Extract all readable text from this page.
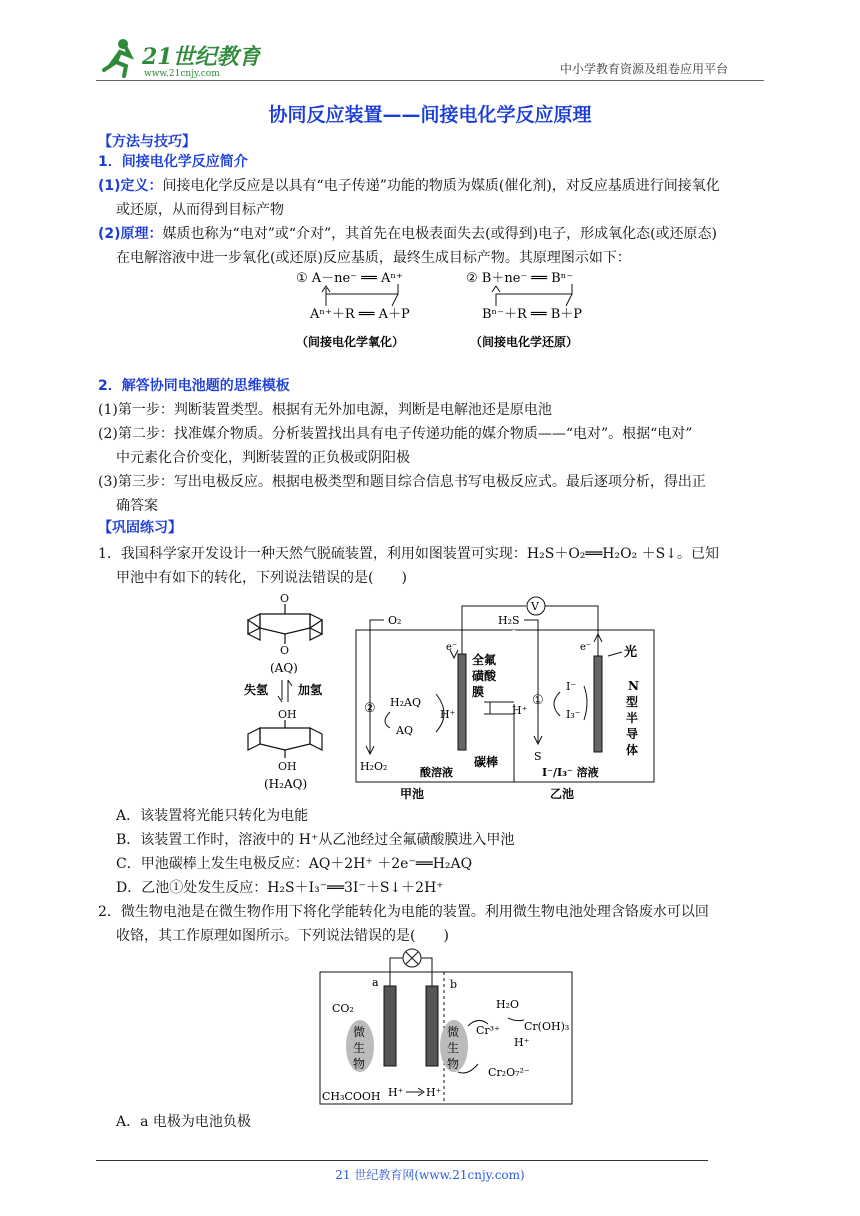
21世纪教育
www.21cnjy.com	中小学教育资源及组卷应用平台
协同反应装置——间接电化学反应原理
【方法与技巧】
1．间接电化学反应简介
(1)定义：间接电化学反应是以具有“电子传递”功能的物质为媒质(催化剂)，对反应基质进行间接氧化
或还原，从而得到目标产物
(2)原理：媒质也称为“电对”或“介对”，其首先在电极表面失去(或得到)电子，形成氧化态(或还原态)
在电解溶液中进一步氧化(或还原)反应基质，最终生成目标产物。其原理图示如下：
① A－ne⁻ ══ Aⁿ⁺
Aⁿ⁺＋R ══ A＋P
（间接电化学氧化）
② B＋ne⁻ ══ Bⁿ⁻
Bⁿ⁻＋R ══ B＋P
（间接电化学还原）
2．解答协同电池题的思维模板
(1)第一步：判断装置类型。根据有无外加电源，判断是电解池还是原电池
(2)第二步：找准媒介物质。分析装置找出具有电子传递功能的媒介物质——“电对”。根据“电对”
中元素化合价变化，判断装置的正负极或阴阳极
(3)第三步：写出电极反应。根据电极类型和题目综合信息书写电极反应式。最后逐项分析，得出正
确答案
【巩固练习】
1．我国科学家开发设计一种天然气脱硫装置，利用如图装置可实现：H₂S＋O₂══H₂O₂ ＋S↓。已知
甲池中有如下的转化，下列说法错误的是(　　)
O
O
(AQ)
失氢 加氢
OH
OH
(H₂AQ)
V
e⁻
e⁻
O₂
H₂O₂
② H₂AQ
AQ
H⁺
酸溶液
全氟
磺酸
膜
碳棒
H₂S
S
①
H⁺
I⁻
I₃⁻
I⁻/I₃⁻ 溶液
光
N
型
半
导
体
甲池	乙池
A．该装置将光能只转化为电能
B．该装置工作时，溶液中的 H⁺从乙池经过全氟磺酸膜进入甲池
C．甲池碳棒上发生电极反应：AQ＋2H⁺ ＋2e⁻══H₂AQ
D．乙池①处发生反应：H₂S＋I₃⁻══3I⁻＋S↓＋2H⁺
2．微生物电池是在微生物作用下将化学能转化为电能的装置。利用微生物电池处理含铬废水可以回
收铬，其工作原理如图所示。下列说法错误的是(　　)
a	b
微
生
物
微
生
物
CO₂
CH₃COOH H⁺ H⁺
Cr³⁺
H₂O
Cr(OH)₃
H⁺
Cr₂O₇²⁻
A．a 电极为电池负极
21 世纪教育网(www.21cnjy.com)
